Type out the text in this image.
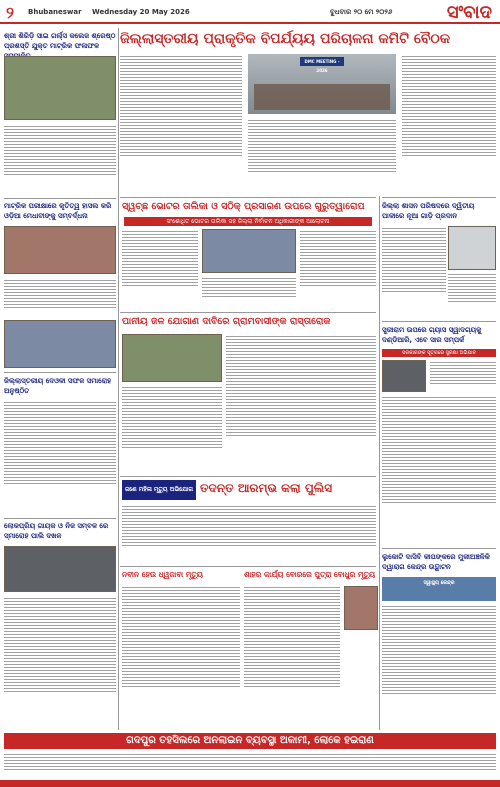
୨ Bhubaneswar Wednesday 20 May 2026	ବୁଧବାର ୨୦ ମେ ୨୦୨୬	ସଂବାଦ
ଜିଲ୍ଲାସ୍ତରୀୟ ପ୍ରାକୃତିକ ବିପର୍ଯ୍ୟୟ ପରିଚାଳନା କମିଟି ବୈଠକ
DMC MEETING - 2026
ଶ୍ରୀ ଶିରିଡ଼ି ସାଇ ଗର୍ଲ୍ସ କଲେଜ ଶ୍ରେଷ୍ଠ ପ୍ରଶସ୍ତି ଯୁକ୍ତ ମାଟ୍ରିକ ଫଳାଫଳ
ମାଟ୍ରିକ ପରୀକ୍ଷାରେ କୃତିତ୍ୱ ହାସଲ କରି ଓଡ଼ିଆ ମେଧାବୀଙ୍କୁ ସମ୍ବର୍ଦ୍ଧନା
ଜିଲ୍ଲାସ୍ତରୀୟ ଦେଓଳୀ ସଫଳ ସମାରୋହ ଅନୁଷ୍ଠିତ
ଲୋକପ୍ରିୟ ଗାୟକ ଓ ନିଜ ସମ୍ବଳ ରେ ସ୍ମାରୋହ ପାଲି ଦଖଳ
ସ୍ୱଚ୍ଛ ଭୋଟର ତାଲିକା ଓ ସଠିକ୍ ପ୍ରସାରଣ ଉପରେ ଗୁରୁତ୍ୱାରୋପ
ସଂଶୋଧିତ ଭୋଟର ତାଲିକା ସହ ଜିଲ୍ଲା ନିର୍ବାଚନ ଅଧିକାରୀଙ୍କ ଆଲୋଚନା
ପାନୀୟ ଜଳ ଯୋଗାଣ ଦାବିରେ ଗ୍ରାମବାସୀଙ୍କ ରାସ୍ତାରୋକ
ଜଣେ ମହିଳା ମୃତ୍ୟୁ ଅଭିଯୋଗ ତଦନ୍ତ ଆରମ୍ଭ କଲା ପୁଲିସ
ନବୀନ ହେଉ ଧ୍ୱଜାବା ମୃତ୍ୟୁ	ଶାହର କାର୍ଯ୍ୟ ବୋରରେ ପୁତ୍ରା ବୋଧୁର ମୃତ୍ୟୁ
ଜିଲ୍ଲା ଶାସନ ପରିଷଦରେ ଦ୍ୱିତୀୟ ପାଳୀରେ ନୂଆ ଗାଡ଼ି ପ୍ରଦାନ
ସ୍ତ୍ରୀରାମ ଉପରେ ଗ୍ୟାସ ସ୍ୱାଦଗ୍ୟକୁ ଦଣ୍ଡିଆରି, ଏବେ ସାର ସମ୍ପର୍କ
ସରକାରଙ୍କ ସୂତ୍ରରେ ସୁରକ୍ଷା ଅଭିଯାନ
ଲୁକୋଟି ଦାସିବି କୀପଙ୍କରେ ମୁକୀଅଞ୍ଚଳିକି ଦ୍ୱାରାଗ କେନ୍ଦ୍ର ଉଦ୍ଘାଟନ
ସ୍ୱାସ୍ଥ୍ୟ କେନ୍ଦ୍ର
ଗଦପୁର ତହସିଲରେ ଅନଲାଇନ ବ୍ୟବସ୍ଥା ଅକାମୀ, ଲୋକେ ହଇରାଣ
